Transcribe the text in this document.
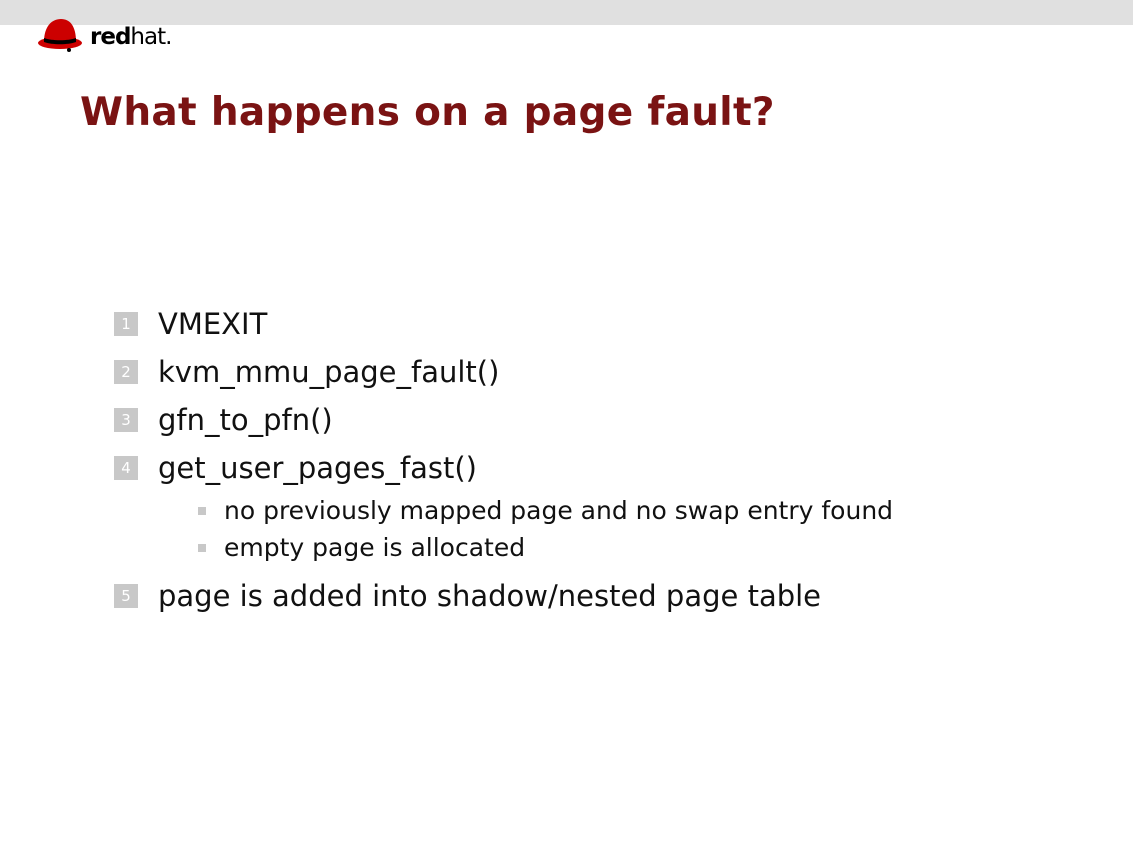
redhat.
What happens on a page fault?
1 VMEXIT
2 kvm_mmu_page_fault()
3 gfn_to_pfn()
4 get_user_pages_fast()
no previously mapped page and no swap entry found
empty page is allocated
5 page is added into shadow/nested page table
